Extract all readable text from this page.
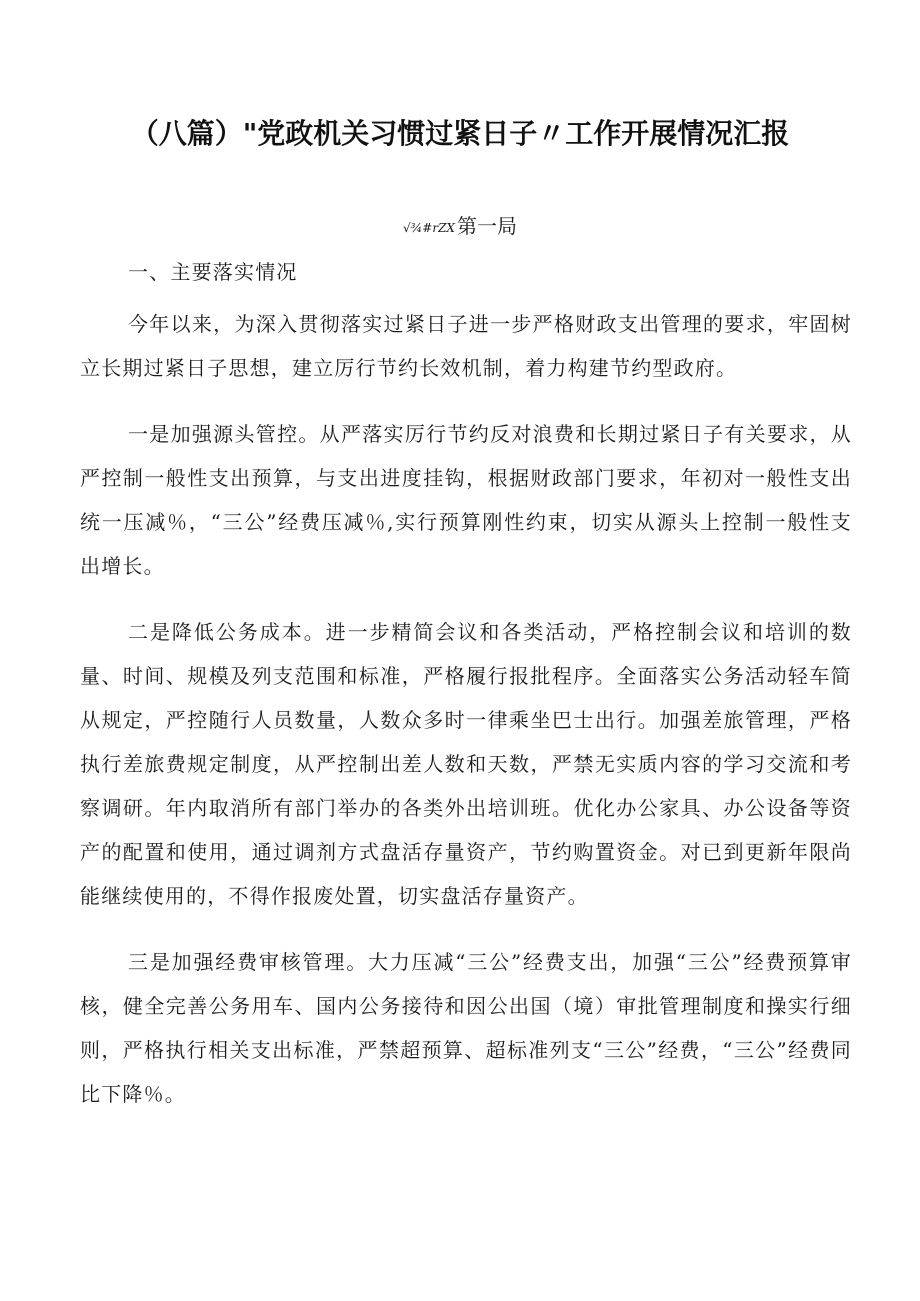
（八篇）"党政机关习惯过紧日子〃工作开展情况汇报
√¾#rZX 第一局

一、主要落实情况

今年以来，为深入贯彻落实过紧日子进一步严格财政支出管理的要求，牢固树立长期过紧日子思想，建立厉行节约长效机制，着力构建节约型政府。

一是加强源头管控。从严落实厉行节约反对浪费和长期过紧日子有关要求，从严控制一般性支出预算，与支出进度挂钩，根据财政部门要求，年初对一般性支出统一压减％，“三公”经费压减％,实行预算刚性约束，切实从源头上控制一般性支出增长。

二是降低公务成本。进一步精简会议和各类活动，严格控制会议和培训的数量、时间、规模及列支范围和标准，严格履行报批程序。全面落实公务活动轻车简从规定，严控随行人员数量，人数众多时一律乘坐巴士出行。加强差旅管理，严格执行差旅费规定制度，从严控制出差人数和天数，严禁无实质内容的学习交流和考察调研。年内取消所有部门举办的各类外出培训班。优化办公家具、办公设备等资产的配置和使用，通过调剂方式盘活存量资产，节约购置资金。对已到更新年限尚能继续使用的，不得作报废处置，切实盘活存量资产。

三是加强经费审核管理。大力压减“三公”经费支出，加强“三公”经费预算审核，健全完善公务用车、国内公务接待和因公出国（境）审批管理制度和操实行细则，严格执行相关支出标准，严禁超预算、超标准列支“三公”经费，“三公”经费同比下降％。
